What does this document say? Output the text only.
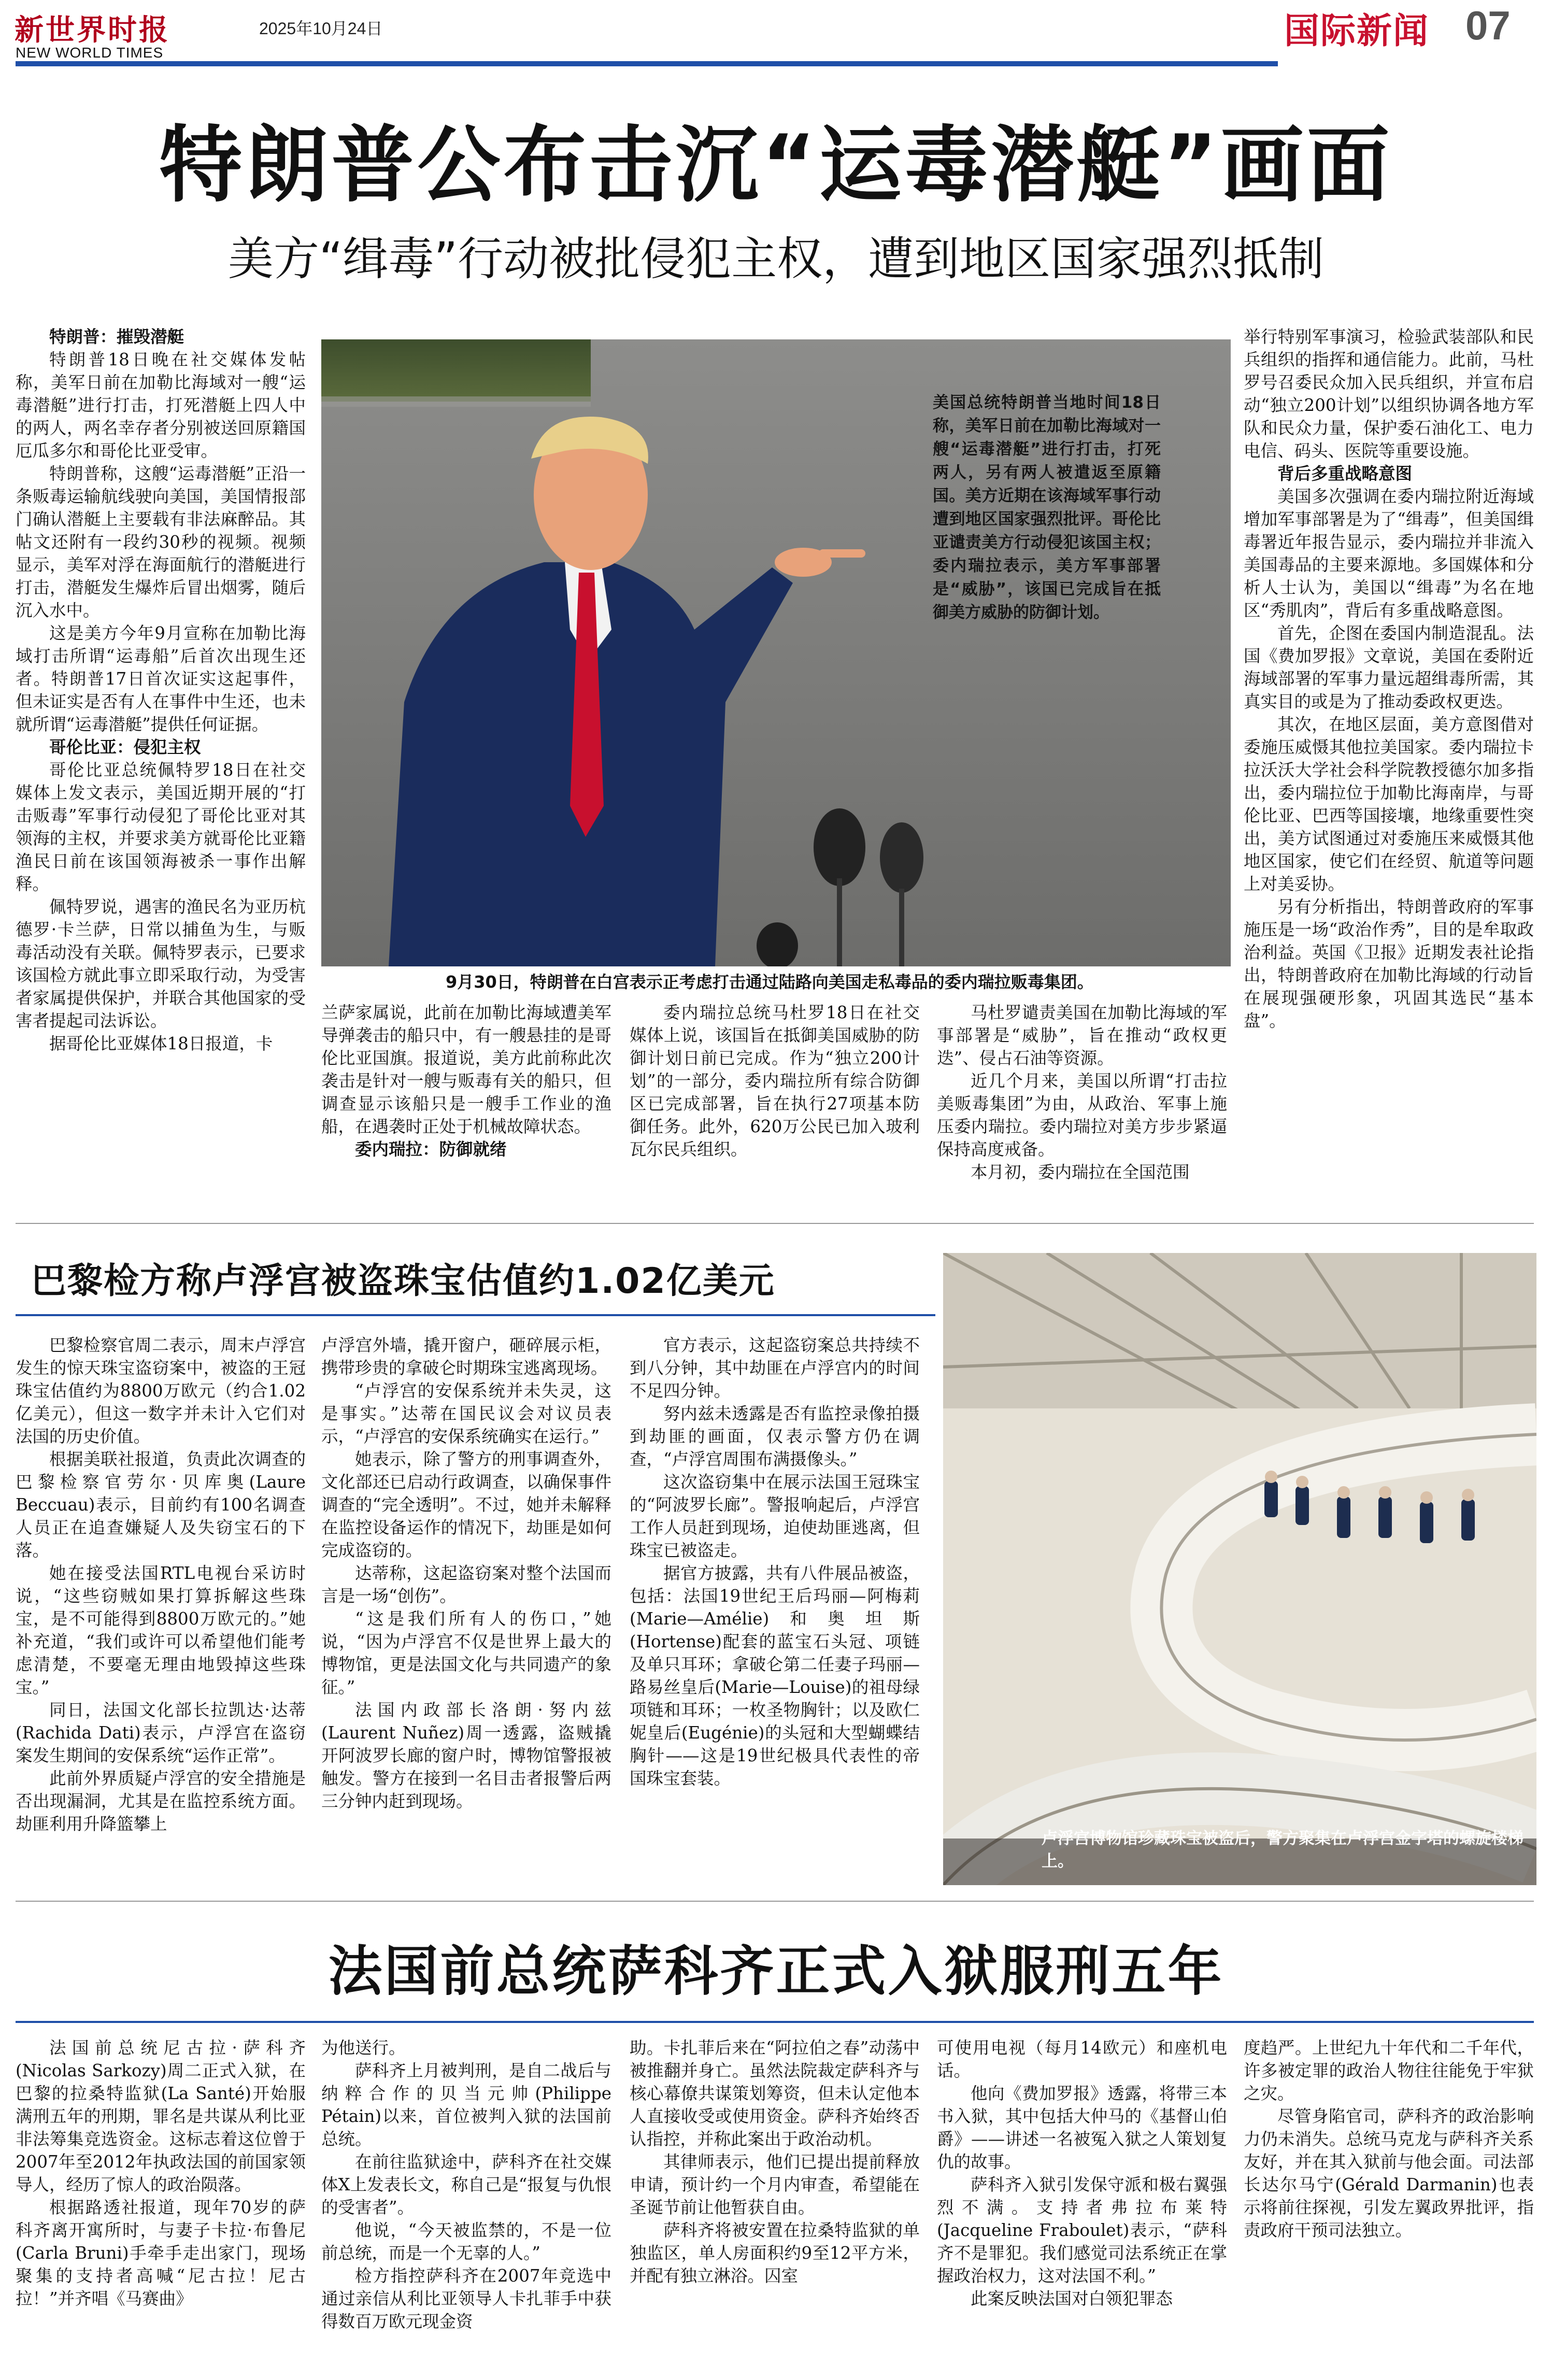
新世界时报
NEW WORLD TIMES
2025年10月24日	国际新闻 07
特朗普公布击沉“运毒潜艇”画面
美方“缉毒”行动被批侵犯主权，遭到地区国家强烈抵制

特朗普：摧毁潜艇

特朗普18日晚在社交媒体发帖称，美军日前在加勒比海域对一艘“运毒潜艇”进行打击，打死潜艇上四人中的两人，两名幸存者分别被送回原籍国厄瓜多尔和哥伦比亚受审。

特朗普称，这艘“运毒潜艇”正沿一条贩毒运输航线驶向美国，美国情报部门确认潜艇上主要载有非法麻醉品。其帖文还附有一段约30秒的视频。视频显示，美军对浮在海面航行的潜艇进行打击，潜艇发生爆炸后冒出烟雾，随后沉入水中。

这是美方今年9月宣称在加勒比海域打击所谓“运毒船”后首次出现生还者。特朗普17日首次证实这起事件，但未证实是否有人在事件中生还，也未就所谓“运毒潜艇”提供任何证据。

哥伦比亚：侵犯主权

哥伦比亚总统佩特罗18日在社交媒体上发文表示，美国近期开展的“打击贩毒”军事行动侵犯了哥伦比亚对其领海的主权，并要求美方就哥伦比亚籍渔民日前在该国领海被杀一事作出解释。

佩特罗说，遇害的渔民名为亚历杭德罗·卡兰萨，日常以捕鱼为生，与贩毒活动没有关联。佩特罗表示，已要求该国检方就此事立即采取行动，为受害者家属提供保护，并联合其他国家的受害者提起司法诉讼。

据哥伦比亚媒体18日报道，卡

美国总统特朗普当地时间18日称，美军日前在加勒比海域对一艘“运毒潜艇”进行打击，打死两人，另有两人被遣返至原籍国。美方近期在该海域军事行动遭到地区国家强烈批评。哥伦比亚谴责美方行动侵犯该国主权；委内瑞拉表示，美方军事部署是“威胁”，该国已完成旨在抵御美方威胁的防御计划。
9月30日，特朗普在白宫表示正考虑打击通过陆路向美国走私毒品的委内瑞拉贩毒集团。

兰萨家属说，此前在加勒比海域遭美军导弹袭击的船只中，有一艘悬挂的是哥伦比亚国旗。报道说，美方此前称此次袭击是针对一艘与贩毒有关的船只，但调查显示该船只是一艘手工作业的渔船，在遇袭时正处于机械故障状态。

委内瑞拉：防御就绪

委内瑞拉总统马杜罗18日在社交媒体上说，该国旨在抵御美国威胁的防御计划日前已完成。作为“独立200计划”的一部分，委内瑞拉所有综合防御区已完成部署，旨在执行27项基本防御任务。此外，620万公民已加入玻利瓦尔民兵组织。

马杜罗谴责美国在加勒比海域的军事部署是“威胁”，旨在推动“政权更迭”、侵占石油等资源。

近几个月来，美国以所谓“打击拉美贩毒集团”为由，从政治、军事上施压委内瑞拉。委内瑞拉对美方步步紧逼保持高度戒备。

本月初，委内瑞拉在全国范围

举行特别军事演习，检验武装部队和民兵组织的指挥和通信能力。此前，马杜罗号召委民众加入民兵组织，并宣布启动“独立200计划”以组织协调各地方军队和民众力量，保护委石油化工、电力电信、码头、医院等重要设施。

背后多重战略意图

美国多次强调在委内瑞拉附近海域增加军事部署是为了“缉毒”，但美国缉毒署近年报告显示，委内瑞拉并非流入美国毒品的主要来源地。多国媒体和分析人士认为，美国以“缉毒”为名在地区“秀肌肉”，背后有多重战略意图。

首先，企图在委国内制造混乱。法国《费加罗报》文章说，美国在委附近海域部署的军事力量远超缉毒所需，其真实目的或是为了推动委政权更迭。

其次，在地区层面，美方意图借对委施压威慑其他拉美国家。委内瑞拉卡拉沃沃大学社会科学院教授德尔加多指出，委内瑞拉位于加勒比海南岸，与哥伦比亚、巴西等国接壤，地缘重要性突出，美方试图通过对委施压来威慑其他地区国家，使它们在经贸、航道等问题上对美妥协。

另有分析指出，特朗普政府的军事施压是一场“政治作秀”，目的是牟取政治利益。英国《卫报》近期发表社论指出，特朗普政府在加勒比海域的行动旨在展现强硬形象，巩固其选民“基本盘”。

巴黎检方称卢浮宫被盗珠宝估值约1.02亿美元

巴黎检察官周二表示，周末卢浮宫发生的惊天珠宝盗窃案中，被盗的王冠珠宝估值约为8800万欧元（约合1.02亿美元），但这一数字并未计入它们对法国的历史价值。

根据美联社报道，负责此次调查的巴黎检察官劳尔·贝库奥(Laure Beccuau)表示，目前约有100名调查人员正在追查嫌疑人及失窃宝石的下落。

她在接受法国RTL电视台采访时说，“这些窃贼如果打算拆解这些珠宝，是不可能得到8800万欧元的。”她补充道，“我们或许可以希望他们能考虑清楚，不要毫无理由地毁掉这些珠宝。”

同日，法国文化部长拉凯达·达蒂(Rachida Dati)表示，卢浮宫在盗窃案发生期间的安保系统“运作正常”。

此前外界质疑卢浮宫的安全措施是否出现漏洞，尤其是在监控系统方面。劫匪利用升降篮攀上

卢浮宫外墙，撬开窗户，砸碎展示柜，携带珍贵的拿破仑时期珠宝逃离现场。

“卢浮宫的安保系统并未失灵，这是事实。”达蒂在国民议会对议员表示，“卢浮宫的安保系统确实在运行。”

她表示，除了警方的刑事调查外，文化部还已启动行政调查，以确保事件调查的“完全透明”。不过，她并未解释在监控设备运作的情况下，劫匪是如何完成盗窃的。

达蒂称，这起盗窃案对整个法国而言是一场“创伤”。

“这是我们所有人的伤口，”她说，“因为卢浮宫不仅是世界上最大的博物馆，更是法国文化与共同遗产的象征。”

法国内政部长洛朗·努内兹(Laurent Nuñez)周一透露，盗贼撬开阿波罗长廊的窗户时，博物馆警报被触发。警方在接到一名目击者报警后两三分钟内赶到现场。

官方表示，这起盗窃案总共持续不到八分钟，其中劫匪在卢浮宫内的时间不足四分钟。

努内兹未透露是否有监控录像拍摄到劫匪的画面，仅表示警方仍在调查，“卢浮宫周围布满摄像头。”

这次盗窃集中在展示法国王冠珠宝的“阿波罗长廊”。警报响起后，卢浮宫工作人员赶到现场，迫使劫匪逃离，但珠宝已被盗走。

据官方披露，共有八件展品被盗，包括：法国19世纪王后玛丽—阿梅莉(Marie—Amélie)和奥坦斯(Hortense)配套的蓝宝石头冠、项链及单只耳环；拿破仑第二任妻子玛丽—路易丝皇后(Marie—Louise)的祖母绿项链和耳环；一枚圣物胸针；以及欧仁妮皇后(Eugénie)的头冠和大型蝴蝶结胸针——这是19世纪极具代表性的帝国珠宝套装。

卢浮宫博物馆珍藏珠宝被盗后，警方聚集在卢浮宫金字塔的螺旋楼梯上。
法国前总统萨科齐正式入狱服刑五年

法国前总统尼古拉·萨科齐(Nicolas Sarkozy)周二正式入狱，在巴黎的拉桑特监狱(La Santé)开始服满刑五年的刑期，罪名是共谋从利比亚非法筹集竞选资金。这标志着这位曾于2007年至2012年执政法国的前国家领导人，经历了惊人的政治陨落。

根据路透社报道，现年70岁的萨科齐离开寓所时，与妻子卡拉·布鲁尼(Carla Bruni)手牵手走出家门，现场聚集的支持者高喊“尼古拉！尼古拉！”并齐唱《马赛曲》

为他送行。

萨科齐上月被判刑，是自二战后与纳粹合作的贝当元帅(Philippe Pétain)以来，首位被判入狱的法国前总统。

在前往监狱途中，萨科齐在社交媒体X上发表长文，称自己是“报复与仇恨的受害者”。

他说，“今天被监禁的，不是一位前总统，而是一个无辜的人。”

检方指控萨科齐在2007年竞选中通过亲信从利比亚领导人卡扎菲手中获得数百万欧元现金资

助。卡扎菲后来在“阿拉伯之春”动荡中被推翻并身亡。虽然法院裁定萨科齐与核心幕僚共谋策划筹资，但未认定他本人直接收受或使用资金。萨科齐始终否认指控，并称此案出于政治动机。

其律师表示，他们已提出提前释放申请，预计约一个月内审查，希望能在圣诞节前让他暂获自由。

萨科齐将被安置在拉桑特监狱的单独监区，单人房面积约9至12平方米，并配有独立淋浴。囚室

可使用电视（每月14欧元）和座机电话。

他向《费加罗报》透露，将带三本书入狱，其中包括大仲马的《基督山伯爵》——讲述一名被冤入狱之人策划复仇的故事。

萨科齐入狱引发保守派和极右翼强烈不满。支持者弗拉布莱特(Jacqueline Fraboulet)表示，“萨科齐不是罪犯。我们感觉司法系统正在掌握政治权力，这对法国不利。”

此案反映法国对白领犯罪态

度趋严。上世纪九十年代和二千年代，许多被定罪的政治人物往往能免于牢狱之灾。

尽管身陷官司，萨科齐的政治影响力仍未消失。总统马克龙与萨科齐关系友好，并在其入狱前与他会面。司法部长达尔马宁(Gérald Darmanin)也表示将前往探视，引发左翼政界批评，指责政府干预司法独立。
